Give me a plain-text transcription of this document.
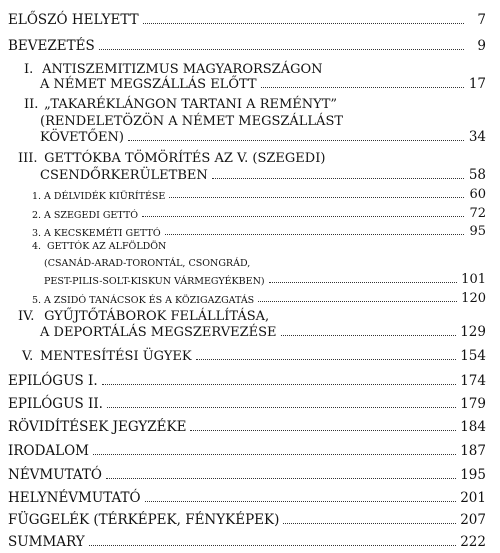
ELŐSZÓ HELYETT	7
BEVEZETÉS	9
I. ANTISZEMITIZMUS MAGYARORSZÁGON
A NÉMET MEGSZÁLLÁS ELŐTT	17
II. „TAKARÉKLÁNGON TARTANI A REMÉNYT”
(RENDELETÖZÖN A NÉMET MEGSZÁLLÁST
KÖVETŐEN)	34
III. GETTÓKBA TÖMÖRÍTÉS AZ V. (SZEGEDI)
CSENDŐRKERÜLETBEN	58
1. A DÉLVIDÉK KIÜRÍTÉSE	60
2. A SZEGEDI GETTÓ	72
3. A KECSKEMÉTI GETTÓ	95
4. GETTÓK AZ ALFÖLDÖN
(CSANÁD-ARAD-TORONTÁL, CSONGRÁD,
PEST-PILIS-SOLT-KISKUN VÁRMEGYÉKBEN)	101
5. A ZSIDÓ TANÁCSOK ÉS A KÖZIGAZGATÁS	120
IV. GYŰJTŐTÁBOROK FELÁLLÍTÁSA,
A DEPORTÁLÁS MEGSZERVEZÉSE	129
V. MENTESÍTÉSI ÜGYEK	154
EPILÓGUS I.	174
EPILÓGUS II.	179
RÖVIDÍTÉSEK JEGYZÉKE	184
IRODALOM	187
NÉVMUTATÓ	195
HELYNÉVMUTATÓ	201
FÜGGELÉK (TÉRKÉPEK, FÉNYKÉPEK)	207
SUMMARY	222
